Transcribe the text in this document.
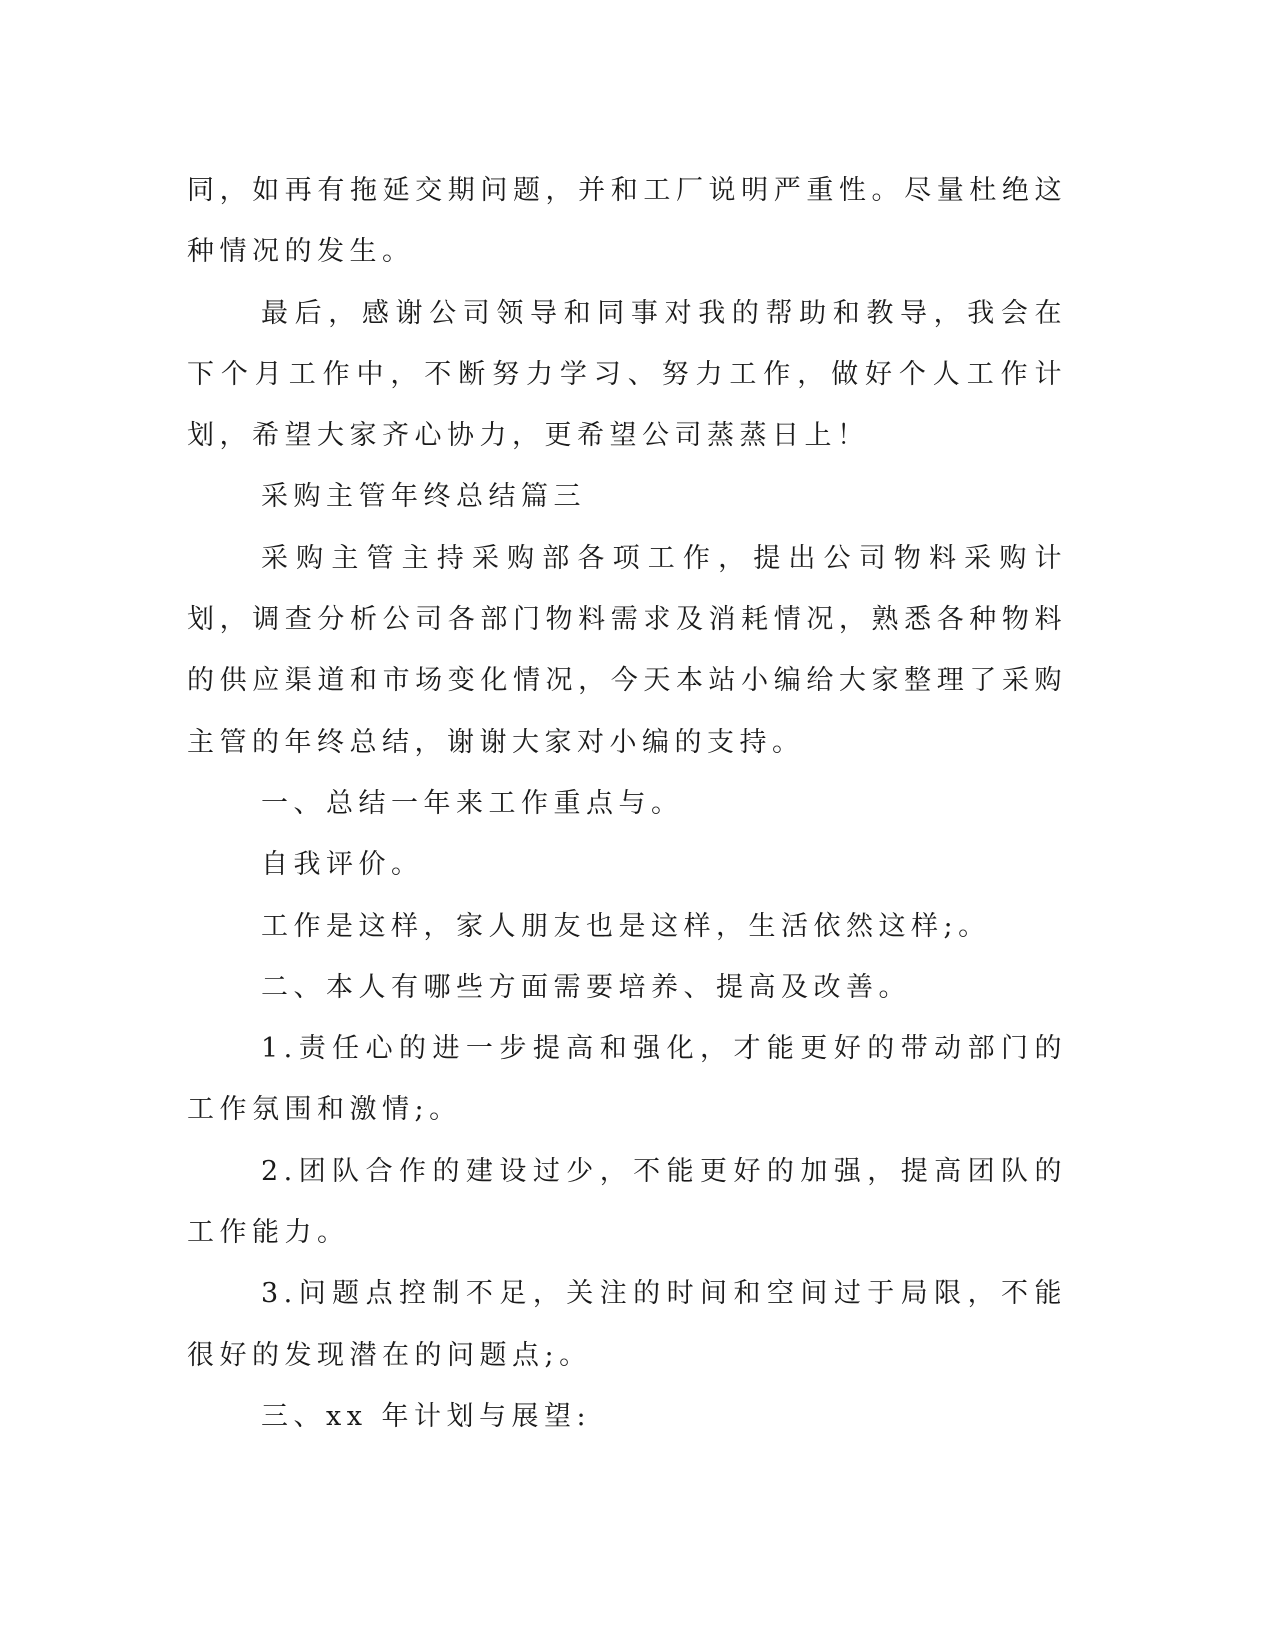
同，如再有拖延交期问题，并和工厂说明严重性。尽量杜绝这种情况的发生。

最后，感谢公司领导和同事对我的帮助和教导，我会在下个月工作中，不断努力学习、努力工作，做好个人工作计划，希望大家齐心协力，更希望公司蒸蒸日上！

采购主管年终总结篇三

采购主管主持采购部各项工作，提出公司物料采购计划，调查分析公司各部门物料需求及消耗情况，熟悉各种物料的供应渠道和市场变化情况，今天本站小编给大家整理了采购主管的年终总结，谢谢大家对小编的支持。

一、总结一年来工作重点与。

自我评价。

工作是这样，家人朋友也是这样，生活依然这样;。

二、本人有哪些方面需要培养、提高及改善。

1.责任心的进一步提高和强化，才能更好的带动部门的工作氛围和激情;。

2.团队合作的建设过少，不能更好的加强，提高团队的工作能力。

3.问题点控制不足，关注的时间和空间过于局限，不能很好的发现潜在的问题点;。

三、xx 年计划与展望:
